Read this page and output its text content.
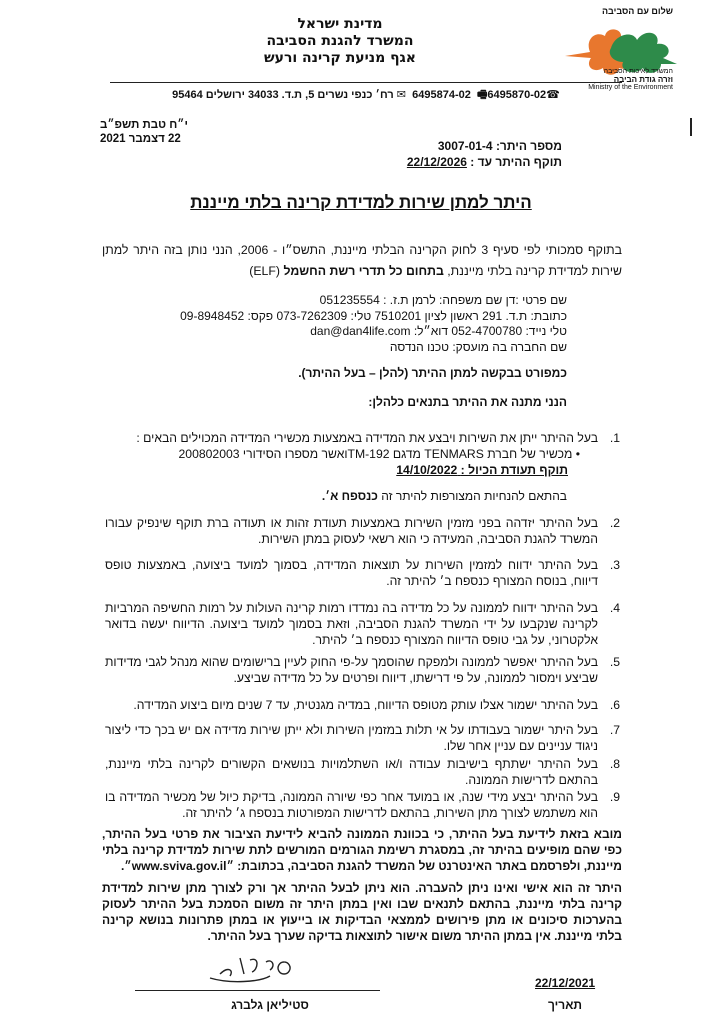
שלום עם הסביבה
המשרד לאיכות הסביבה
וזרה גודת הביבה
Ministry of the Environment
מדינת ישראל
המשרד להגנת הסביבה
אגף מניעת קרינה ורעש
☎6495874-02 🖷6495870-02  ✉ רח׳ כנפי נשרים 5, ת.ד. 34033 ירושלים 95464
י״ח טבת תשפ״ב
22 דצמבר 2021	מספר היתר: 3007-01-4
תוקף ההיתר עד : 22/12/2026
היתר למתן שירות למדידת קרינה בלתי מייננת
בתוקף סמכותי לפי סעיף 3 לחוק הקרינה הבלתי מייננת, התשס״ו - 2006, הנני נותן בזה היתר למתן שירות למדידת קרינה בלתי מייננת, בתחום כל תדרי רשת החשמל (ELF)
שם פרטי :דן שם משפחה: לרמן ת.ז. : 051235554
כתובת: ת.ד. 291 ראשון לציון 7510201 טלי: 073-7262309 פקס: 09-8948452
טלי נייד: 052-4700780 דוא״ל: dan@dan4life.com
שם החברה בה מועסק: טכנו הנדסה
כמפורט בבקשה למתן ההיתר (להלן – בעל ההיתר).
הנני מתנה את ההיתר בתנאים כלהלן:
1.
בעל ההיתר ייתן את השירות ויבצע את המדידה באמצעות מכשירי המדידה המכוילים הבאים :
• מכשיר של חברת TENMARS מדגם TM-192ואשר מספרו הסידורי 200802003
תוקף תעודת הכיול : 14/10/2022
בהתאם להנחיות המצורפות להיתר זה כנספח א׳.
2.
בעל ההיתר יזדהה בפני מזמין השירות באמצעות תעודת זהות או תעודה ברת תוקף שינפיק עבורו המשרד להגנת הסביבה, המעידה כי הוא רשאי לעסוק במתן השירות.
3.
בעל ההיתר ידווח למזמין השירות על תוצאות המדידה, בסמוך למועד ביצועה, באמצעות טופס דיווח, בנוסח המצורף כנספח ב׳ להיתר זה.
4.
בעל ההיתר ידווח לממונה על כל מדידה בה נמדדו רמות קרינה העולות על רמות החשיפה המרביות לקרינה שנקבעו על ידי המשרד להגנת הסביבה, וזאת בסמוך למועד ביצועה. הדיווח יעשה בדואר אלקטרוני, על גבי טופס הדיווח המצורף כנספח ב׳ להיתר.
5.
בעל ההיתר יאפשר לממונה ולמפקח שהוסמך על-פי החוק לעיין ברישומים שהוא מנהל לגבי מדידות שביצע וימסור לממונה, על פי דרישתו, דיווח ופרטים על כל מדידה שביצע.
6.
בעל ההיתר ישמור אצלו עותק מטופס הדיווח, במדיה מגנטית, עד 7 שנים מיום ביצוע המדידה.
7.
בעל היתר ישמור בעבודתו על אי תלות במזמין השירות ולא ייתן שירות מדידה אם יש בכך כדי ליצור ניגוד עניינים עם עניין אחר שלו.
8.
בעל ההיתר ישתתף בישיבות עבודה ו/או השתלמויות בנושאים הקשורים לקרינה בלתי מייננת, בהתאם לדרישות הממונה.
9.
בעל ההיתר יבצע מידי שנה, או במועד אחר כפי שיורה הממונה, בדיקת כיול של מכשיר המדידה בו הוא משתמש לצורך מתן השירות, בהתאם לדרישות המפורטות בנספח ג׳ להיתר זה.
מובא בזאת לידיעת בעל ההיתר, כי בכוונת הממונה להביא לידיעת הציבור את פרטי בעל ההיתר, כפי שהם מופיעים בהיתר זה, במסגרת רשימת הגורמים המורשים לתת שירות למדידת קרינה בלתי מייננת, ולפרסמם באתר האינטרנט של המשרד להגנת הסביבה, בכתובת: ״www.sviva.gov.il״.
היתר זה הוא אישי ואינו ניתן להעברה. הוא ניתן לבעל ההיתר אך ורק לצורך מתן שירות למדידת קרינה בלתי מייננת, בהתאם לתנאים שבו ואין במתן היתר זה משום הסמכת בעל ההיתר לעסוק בהערכות סיכונים או מתן פירושים לממצאי הבדיקות או בייעוץ או במתן פתרונות בנושא קרינה בלתי מייננת. אין במתן ההיתר משום אישור לתוצאות בדיקה שערך בעל ההיתר.
סטיליאן גלברג
22/12/2021
תאריך
